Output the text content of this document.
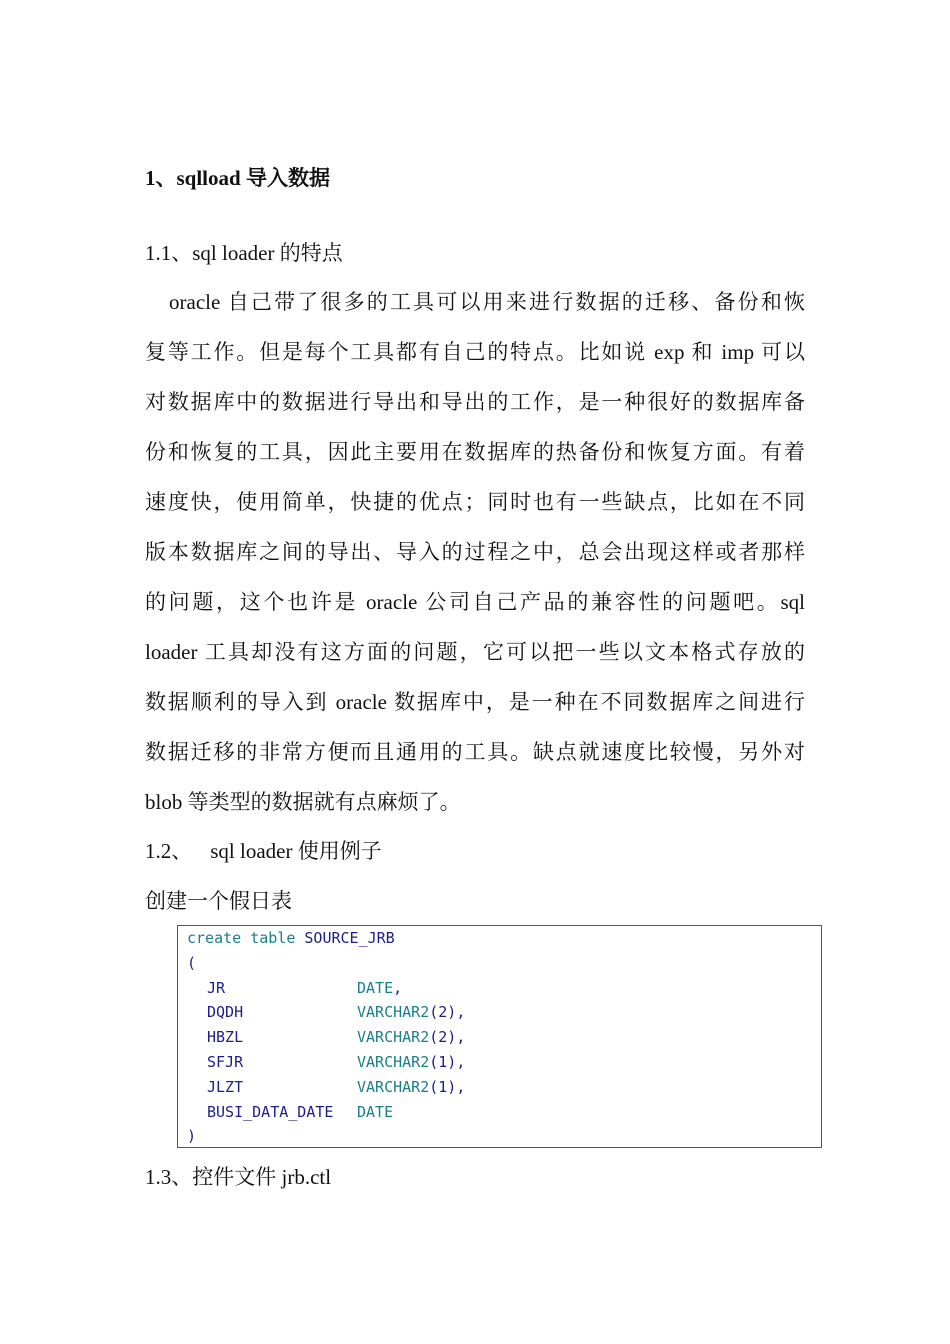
1、sqlload 导入数据
1.1、sql loader 的特点
oracle 自己带了很多的工具可以用来进行数据的迁移、备份和恢
复等工作。但是每个工具都有自己的特点。比如说 exp 和 imp 可以
对数据库中的数据进行导出和导出的工作，是一种很好的数据库备
份和恢复的工具，因此主要用在数据库的热备份和恢复方面。有着
速度快，使用简单，快捷的优点；同时也有一些缺点，比如在不同
版本数据库之间的导出、导入的过程之中，总会出现这样或者那样
的问题，这个也许是 oracle 公司自己产品的兼容性的问题吧。sql
loader 工具却没有这方面的问题，它可以把一些以文本格式存放的
数据顺利的导入到 oracle 数据库中，是一种在不同数据库之间进行
数据迁移的非常方便而且通用的工具。缺点就速度比较慢，另外对
blob 等类型的数据就有点麻烦了。
1.2、 sql loader 使用例子
创建一个假日表
create table SOURCE_JRB
(
JR	DATE,
DQDH	VARCHAR2(2),
HBZL	VARCHAR2(2),
SFJR	VARCHAR2(1),
JLZT	VARCHAR2(1),
BUSI_DATA_DATE DATE
)
1.3、控件文件 jrb.ctl
